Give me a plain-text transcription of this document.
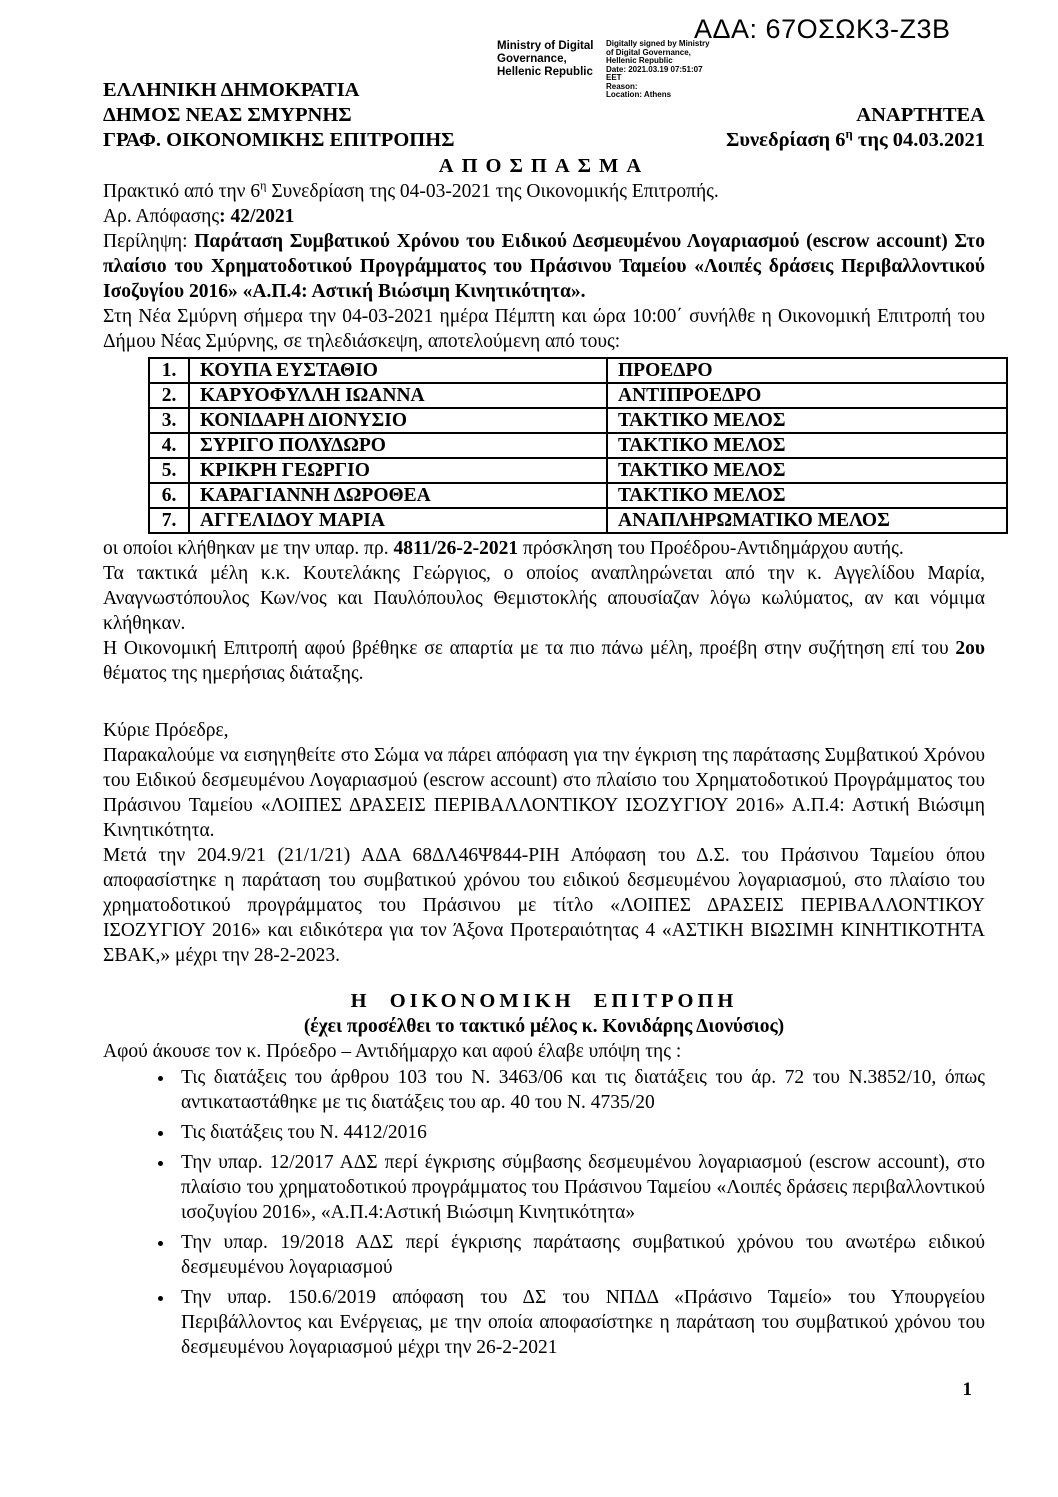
ΑΔΑ: 67ΟΣΩΚ3-Ζ3Β
Ministry of Digital
Governance,
Hellenic Republic
Digitally signed by Ministry
of Digital Governance,
Hellenic Republic
Date: 2021.03.19 07:51:07
EET
Reason:
Location: Athens
ΕΛΛΗΝΙΚΗ ΔΗΜΟΚΡΑΤΙΑ
ΔΗΜΟΣ ΝΕΑΣ ΣΜΥΡΝΗΣ
ΓΡΑΦ. ΟΙΚΟΝΟΜΙΚΗΣ ΕΠΙΤΡΟΠΗΣ
ΑΝΑΡΤΗΤΕΑ
Συνεδρίαση $6^\eta$ της 04.03.2021
ΑΠΟΣΠΑΣΜΑ

Πρακτικό από την $6^\eta$ Συνεδρίαση της 04-03-2021 της Οικονομικής Επιτροπής.

Αρ. Απόφασης: 42/2021

Περίληψη: Παράταση Συμβατικού Χρόνου του Ειδικού Δεσμευμένου Λογαριασμού (escrow account) Στο πλαίσιο του Χρηματοδοτικού Προγράμματος του Πράσινου Ταμείου «Λοιπές δράσεις Περιβαλλοντικού Ισοζυγίου 2016» «Α.Π.4: Αστική Βιώσιμη Κινητικότητα».

Στη Νέα Σμύρνη σήμερα την 04-03-2021 ημέρα Πέμπτη και ώρα 10:00΄ συνήλθε η Οικονομική Επιτροπή του Δήμου Νέας Σμύρνης, σε τηλεδιάσκεψη, αποτελούμενη από τους:

1.	ΚΟΥΠΑ ΕΥΣΤΑΘΙΟ	ΠΡΟΕΔΡΟ
2.	ΚΑΡΥΟΦΥΛΛΗ ΙΩΑΝΝΑ	ΑΝΤΙΠΡΟΕΔΡΟ
3.	ΚΟΝΙΔΑΡΗ ΔΙΟΝΥΣΙΟ	ΤΑΚΤΙΚΟ ΜΕΛΟΣ
4.	ΣΥΡΙΓΟ ΠΟΛΥΔΩΡΟ	ΤΑΚΤΙΚΟ ΜΕΛΟΣ
5.	ΚΡΙΚΡΗ ΓΕΩΡΓΙΟ	ΤΑΚΤΙΚΟ ΜΕΛΟΣ
6.	ΚΑΡΑΓΙΑΝΝΗ ΔΩΡΟΘΕΑ	ΤΑΚΤΙΚΟ ΜΕΛΟΣ
7.	ΑΓΓΕΛΙΔΟΥ ΜΑΡΙΑ	ΑΝΑΠΛΗΡΩΜΑΤΙΚΟ ΜΕΛΟΣ

οι οποίοι κλήθηκαν με την υπαρ. πρ. 4811/26-2-2021 πρόσκληση του Προέδρου-Αντιδημάρχου αυτής.

Τα τακτικά μέλη κ.κ. Κουτελάκης Γεώργιος, ο οποίος αναπληρώνεται από την κ. Αγγελίδου Μαρία, Αναγνωστόπουλος Κων/νος και Παυλόπουλος Θεμιστοκλής απουσίαζαν λόγω κωλύματος, αν και νόμιμα κλήθηκαν.

Η Οικονομική Επιτροπή αφού βρέθηκε σε απαρτία με τα πιο πάνω μέλη, προέβη στην συζήτηση επί του 2ου θέματος της ημερήσιας διάταξης.

Κύριε Πρόεδρε,

Παρακαλούμε να εισηγηθείτε στο Σώμα να πάρει απόφαση για την έγκριση της παράτασης Συμβατικού Χρόνου του Ειδικού δεσμευμένου Λογαριασμού (escrow account) στο πλαίσιο του Χρηματοδοτικού Προγράμματος του Πράσινου Ταμείου «ΛΟΙΠΕΣ ΔΡΑΣΕΙΣ ΠΕΡΙΒΑΛΛΟΝΤΙΚΟΥ ΙΣΟΖΥΓΙΟΥ 2016» Α.Π.4: Αστική Βιώσιμη Κινητικότητα.

Μετά την 204.9/21 (21/1/21) ΑΔΑ 68ΔΛ46Ψ844-ΡΙΗ Απόφαση του Δ.Σ. του Πράσινου Ταμείου όπου αποφασίστηκε η παράταση του συμβατικού χρόνου του ειδικού δεσμευμένου λογαριασμού, στο πλαίσιο του χρηματοδοτικού προγράμματος του Πράσινου με τίτλο «ΛΟΙΠΕΣ ΔΡΑΣΕΙΣ ΠΕΡΙΒΑΛΛΟΝΤΙΚΟΥ ΙΣΟΖΥΓΙΟΥ 2016» και ειδικότερα για τον Άξονα Προτεραιότητας 4 «ΑΣΤΙΚΗ ΒΙΩΣΙΜΗ ΚΙΝΗΤΙΚΟΤΗΤΑ ΣΒΑΚ,» μέχρι την 28-2-2023.

Η ΟΙΚΟΝΟΜΙΚΗ ΕΠΙΤΡΟΠΗ
(έχει προσέλθει το τακτικό μέλος κ. Κονιδάρης Διονύσιος)

Αφού άκουσε τον κ. Πρόεδρο – Αντιδήμαρχο και αφού έλαβε υπόψη της :

• Τις διατάξεις του άρθρου 103 του Ν. 3463/06 και τις διατάξεις του άρ. 72 του Ν.3852/10, όπως αντικαταστάθηκε με τις διατάξεις του αρ. 40 του Ν. 4735/20
• Τις διατάξεις του Ν. 4412/2016
• Την υπαρ. 12/2017 ΑΔΣ περί έγκρισης σύμβασης δεσμευμένου λογαριασμού (escrow account), στο πλαίσιο του χρηματοδοτικού προγράμματος του Πράσινου Ταμείου «Λοιπές δράσεις περιβαλλοντικού ισοζυγίου 2016», «Α.Π.4:Αστική Βιώσιμη Κινητικότητα»
• Την υπαρ. 19/2018 ΑΔΣ περί έγκρισης παράτασης συμβατικού χρόνου του ανωτέρω ειδικού δεσμευμένου λογαριασμού
• Την υπαρ. 150.6/2019 απόφαση του ΔΣ του ΝΠΔΔ «Πράσινο Ταμείο» του Υπουργείου Περιβάλλοντος και Ενέργειας, με την οποία αποφασίστηκε η παράταση του συμβατικού χρόνου του δεσμευμένου λογαριασμού μέχρι την 26-2-2021
1
